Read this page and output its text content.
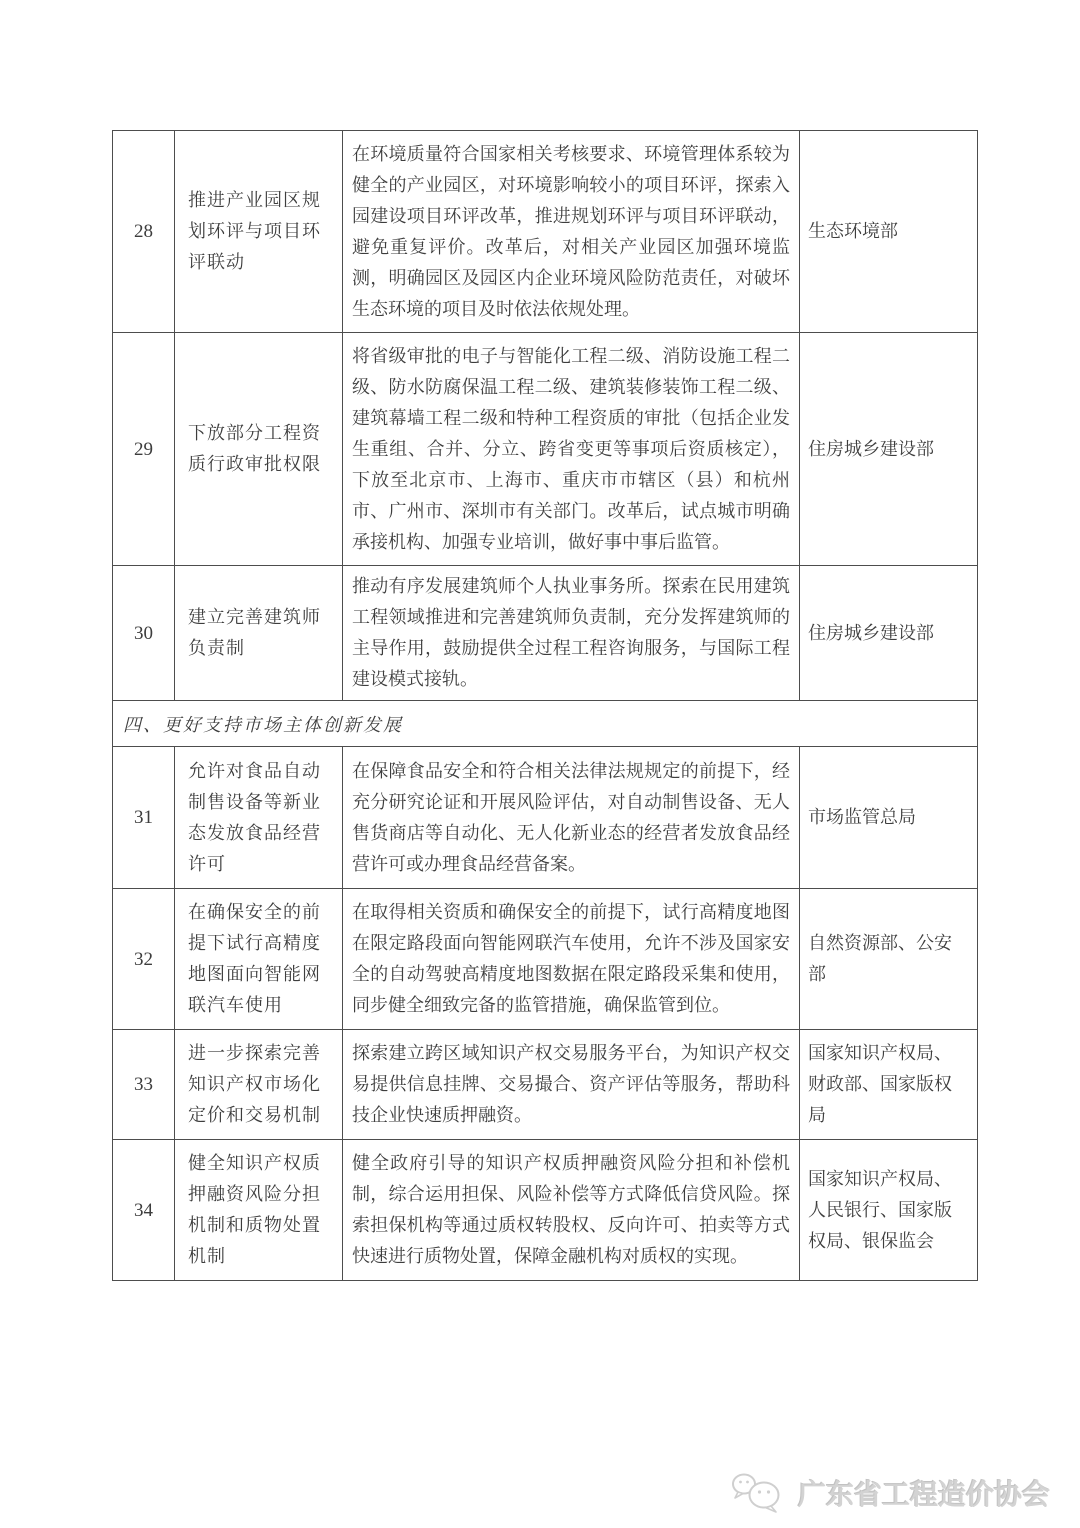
28
推进产业园区规划环评与项目环评联动
在环境质量符合国家相关考核要求、环境管理体系较为健全的产业园区，对环境影响较小的项目环评，探索入园建设项目环评改革，推进规划环评与项目环评联动，避免重复评价。改革后，对相关产业园区加强环境监测，明确园区及园区内企业环境风险防范责任，对破坏生态环境的项目及时依法依规处理。
生态环境部
29
下放部分工程资质行政审批权限
将省级审批的电子与智能化工程二级、消防设施工程二级、防水防腐保温工程二级、建筑装修装饰工程二级、建筑幕墙工程二级和特种工程资质的审批（包括企业发生重组、合并、分立、跨省变更等事项后资质核定），下放至北京市、上海市、重庆市市辖区（县）和杭州市、广州市、深圳市有关部门。改革后，试点城市明确承接机构、加强专业培训，做好事中事后监管。
住房城乡建设部
30
建立完善建筑师负责制
推动有序发展建筑师个人执业事务所。探索在民用建筑工程领域推进和完善建筑师负责制，充分发挥建筑师的主导作用，鼓励提供全过程工程咨询服务，与国际工程建设模式接轨。
住房城乡建设部
四、更好支持市场主体创新发展
31
允许对食品自动制售设备等新业态发放食品经营许可
在保障食品安全和符合相关法律法规规定的前提下，经充分研究论证和开展风险评估，对自动制售设备、无人售货商店等自动化、无人化新业态的经营者发放食品经营许可或办理食品经营备案。
市场监管总局
32
在确保安全的前提下试行高精度地图面向智能网联汽车使用
在取得相关资质和确保安全的前提下，试行高精度地图在限定路段面向智能网联汽车使用，允许不涉及国家安全的自动驾驶高精度地图数据在限定路段采集和使用，同步健全细致完备的监管措施，确保监管到位。
自然资源部、公安部
33
进一步探索完善知识产权市场化定价和交易机制
探索建立跨区域知识产权交易服务平台，为知识产权交易提供信息挂牌、交易撮合、资产评估等服务，帮助科技企业快速质押融资。
国家知识产权局、财政部、国家版权局
34
健全知识产权质押融资风险分担机制和质物处置机制
健全政府引导的知识产权质押融资风险分担和补偿机制，综合运用担保、风险补偿等方式降低信贷风险。探索担保机构等通过质权转股权、反向许可、拍卖等方式快速进行质物处置，保障金融机构对质权的实现。
国家知识产权局、人民银行、国家版权局、银保监会
广东省工程造价协会
